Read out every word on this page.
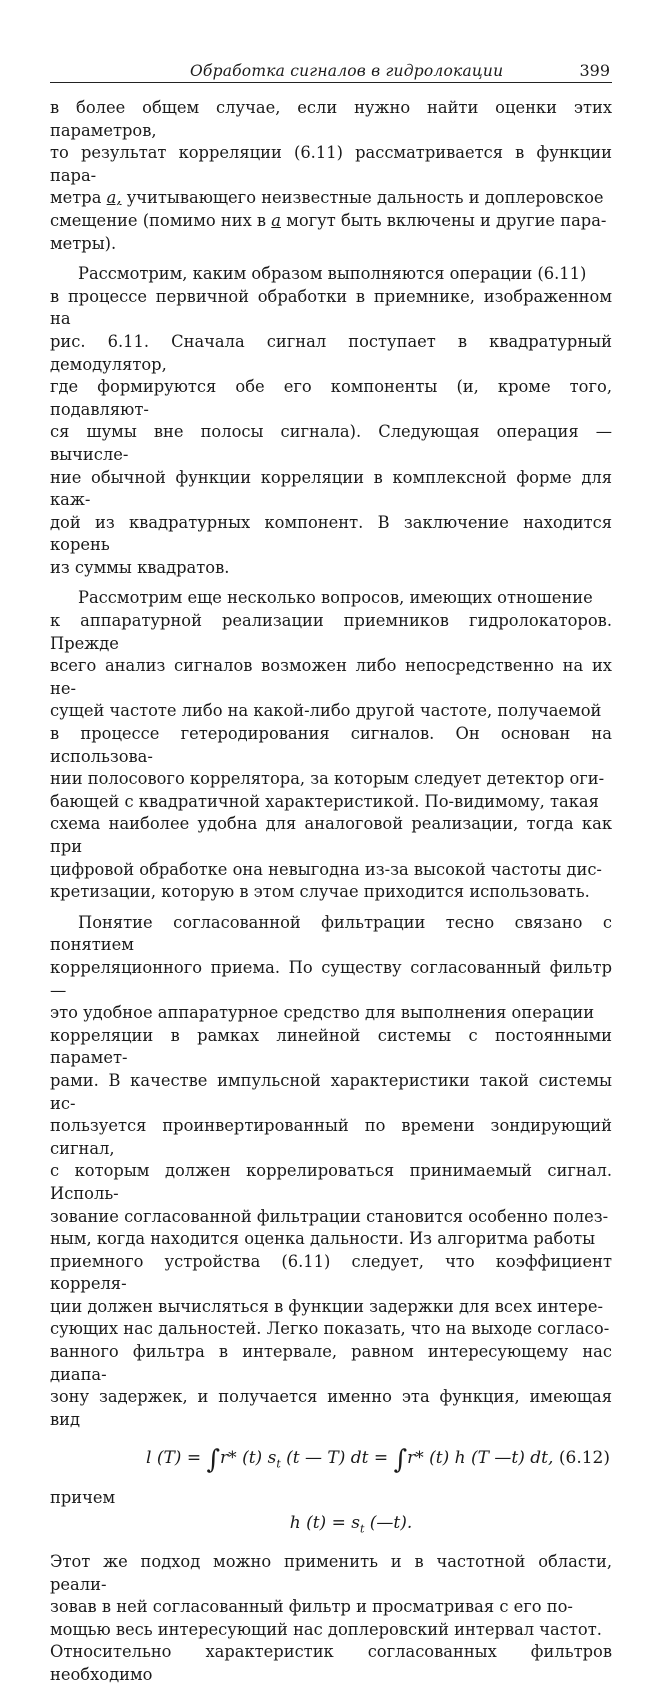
Обработка сигналов в гидролокации	399
в более общем случае, если нужно найти оценки этих параметров,
то результат корреляции (6.11) рассматривается в функции пара-
метра а, учитывающего неизвестные дальность и доплеровское
смещение (помимо них в а могут быть включены и другие пара-
метры).
Рассмотрим, каким образом выполняются операции (6.11)
в процессе первичной обработки в приемнике, изображенном на
рис. 6.11. Сначала сигнал поступает в квадратурный демодулятор,
где формируются обе его компоненты (и, кроме того, подавляют-
ся шумы вне полосы сигнала). Следующая операция — вычисле-
ние обычной функции корреляции в комплексной форме для каж-
дой из квадратурных компонент. В заключение находится корень
из суммы квадратов.
Рассмотрим еще несколько вопросов, имеющих отношение
к аппаратурной реализации приемников гидролокаторов. Прежде
всего анализ сигналов возможен либо непосредственно на их не-
сущей частоте либо на какой-либо другой частоте, получаемой
в процессе гетеродирования сигналов. Он основан на использова-
нии полосового коррелятора, за которым следует детектор оги-
бающей с квадратичной характеристикой. По-видимому, такая
схема наиболее удобна для аналоговой реализации, тогда как при
цифровой обработке она невыгодна из-за высокой частоты дис-
кретизации, которую в этом случае приходится использовать.
Понятие согласованной фильтрации тесно связано с понятием
корреляционного приема. По существу согласованный фильтр —
это удобное аппаратурное средство для выполнения операции
корреляции в рамках линейной системы с постоянными парамет-
рами. В качестве импульсной характеристики такой системы ис-
пользуется проинвертированный по времени зондирующий сигнал,
с которым должен коррелироваться принимаемый сигнал. Исполь-
зование согласованной фильтрации становится особенно полез-
ным, когда находится оценка дальности. Из алгоритма работы
приемного устройства (6.11) следует, что коэффициент корреля-
ции должен вычисляться в функции задержки для всех интере-
сующих нас дальностей. Легко показать, что на выходе согласо-
ванного фильтра в интервале, равном интересующему нас диапа-
зону задержек, и получается именно эта функция, имеющая вид
l (T) = ∫r* (t) $s_t$ (t — T) dt = ∫r* (t) h (T —t) dt, (6.12)
причем
h $(t) = s_t$ (—t).
Этот же подход можно применить и в частотной области, реали-
зовав в ней согласованный фильтр и просматривая с его по-
мощью весь интересующий нас доплеровский интервал частот.
Относительно характеристик согласованных фильтров необходимо
